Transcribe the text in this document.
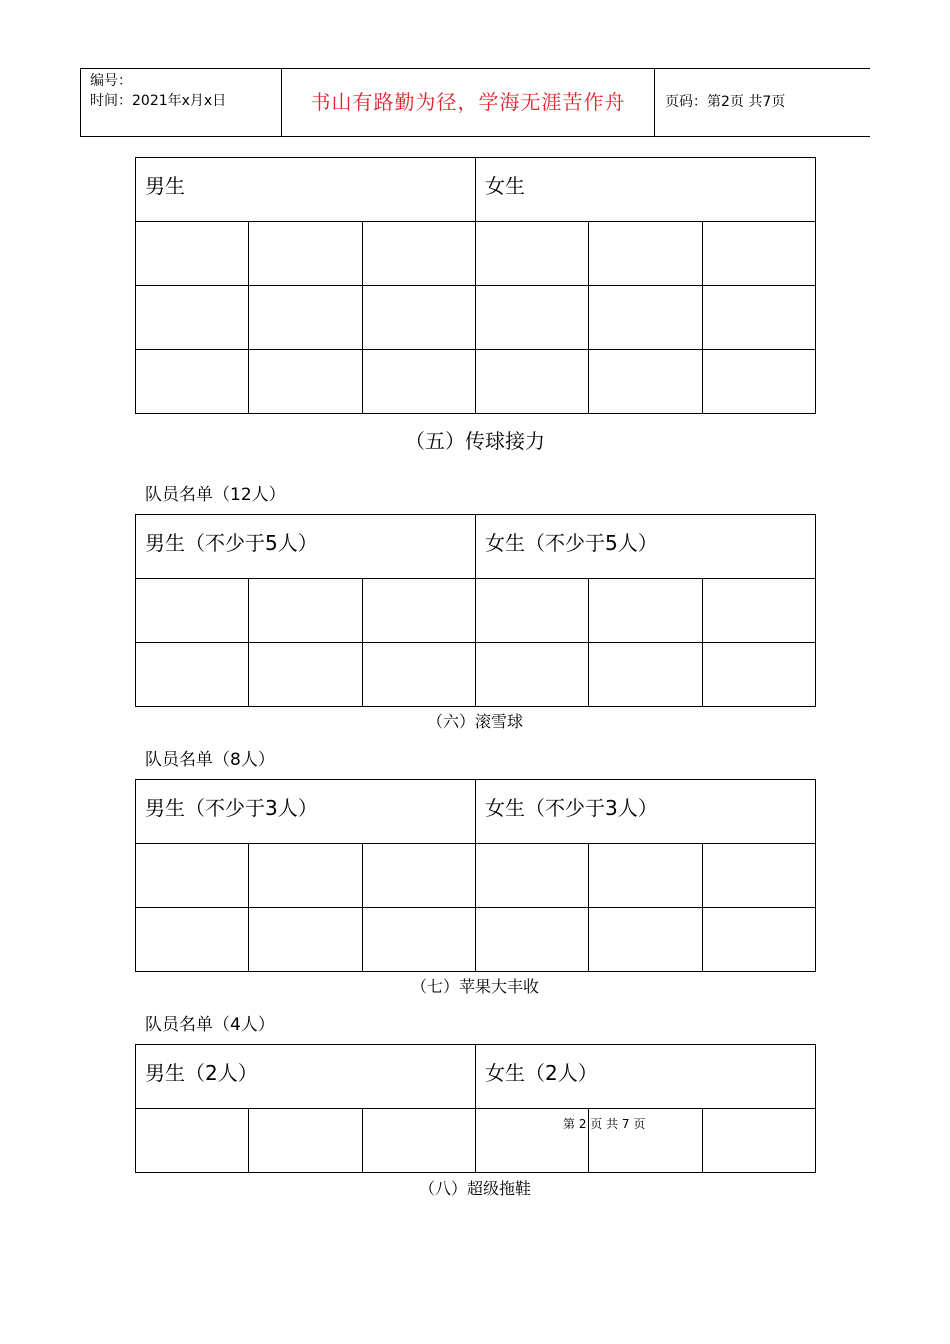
编号：
时间：2021年x月x日	书山有路勤为径，学海无涯苦作舟	页码：第2页 共7页
男生			女生		

（五）传球接力
队员名单（12人）
男生（不少于5人）			女生（不少于5人）		

（六）滚雪球
队员名单（8人）
男生（不少于3人）			女生（不少于3人）		

（七）苹果大丰收
队员名单（4人）
男生（2人）			女生（2人）		

第 2 页 共 7 页
（八）超级拖鞋
